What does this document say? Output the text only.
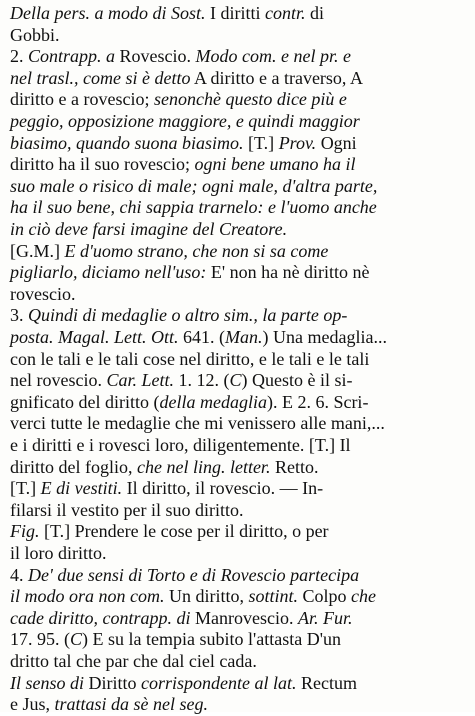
Della pers. a modo di Sost. I diritti contr. di
Gobbi.
2. Contrapp. a Rovescio. Modo com. e nel pr. e
nel trasl., come si è detto A diritto e a traverso, A
diritto e a rovescio; senonchè questo dice più e
peggio, opposizione maggiore, e quindi maggior
biasimo, quando suona biasimo. [T.] Prov. Ogni
diritto ha il suo rovescio; ogni bene umano ha il
suo male o risico di male; ogni male, d'altra parte,
ha il suo bene, chi sappia trarnelo: e l'uomo anche
in ciò deve farsi imagine del Creatore.
[G.M.] E d'uomo strano, che non si sa come
pigliarlo, diciamo nell'uso: E' non ha nè diritto nè
rovescio.
3. Quindi di medaglie o altro sim., la parte op-
posta. Magal. Lett. Ott. 641. (Man.) Una medaglia...
con le tali e le tali cose nel diritto, e le tali e le tali
nel rovescio. Car. Lett. 1. 12. (C) Questo è il si-
gnificato del diritto (della medaglia). E 2. 6. Scri-
verci tutte le medaglie che mi venissero alle mani,...
e i diritti e i rovesci loro, diligentemente. [T.] Il
diritto del foglio, che nel ling. letter. Retto.
[T.] E di vestiti. Il diritto, il rovescio. — In-
filarsi il vestito per il suo diritto.
Fig. [T.] Prendere le cose per il diritto, o per
il loro diritto.
4. De' due sensi di Torto e di Rovescio partecipa
il modo ora non com. Un diritto, sottint. Colpo che
cade diritto, contrapp. di Manrovescio. Ar. Fur.
17. 95. (C) E su la tempia subito l'attasta D'un
dritto tal che par che dal ciel cada.
Il senso di Diritto corrispondente al lat. Rectum
e Jus, trattasi da sè nel seg.
